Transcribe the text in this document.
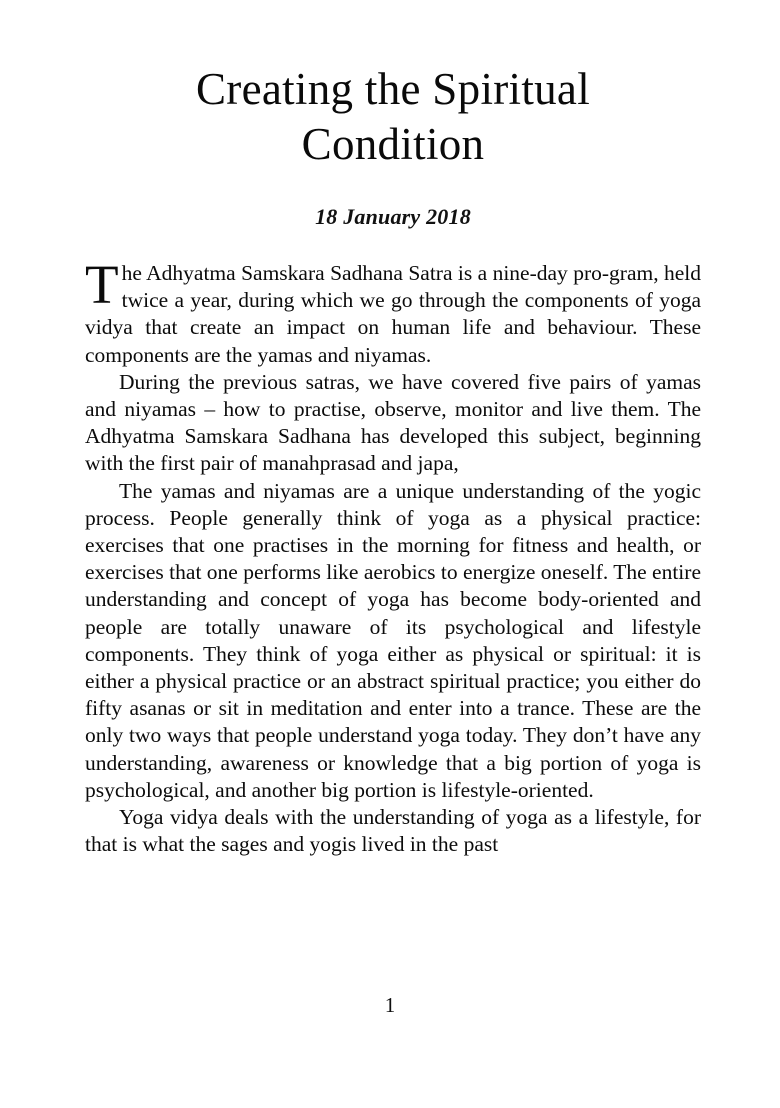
Creating the Spiritual
Condition
18 January 2018

The Adhyatma Samskara Sadhana Satra is a nine-day pro‐gram, held twice a year, during which we go through the components of yoga vidya that create an impact on human life and behaviour. These components are the yamas and niyamas.

During the previous satras, we have covered five pairs of yamas and niyamas – how to practise, observe, monitor and live them. The Adhyatma Samskara Sadhana has developed this subject, beginning with the first pair of manahprasad and japa,

The yamas and niyamas are a unique understanding of the yogic process. People generally think of yoga as a physical practice: exercises that one practises in the morning for fitness and health, or exercises that one performs like aerobics to energize oneself. The entire understanding and concept of yoga has become body-oriented and people are totally unaware of its psychological and lifestyle components. They think of yoga either as physical or spiritual: it is either a physical practice or an abstract spiritual practice; you either do fifty asanas or sit in meditation and enter into a trance. These are the only two ways that people understand yoga today. They don’t have any understanding, awareness or knowledge that a big portion of yoga is psychological, and another big portion is lifestyle-oriented.

Yoga vidya deals with the understanding of yoga as a lifestyle, for that is what the sages and yogis lived in the past

1
